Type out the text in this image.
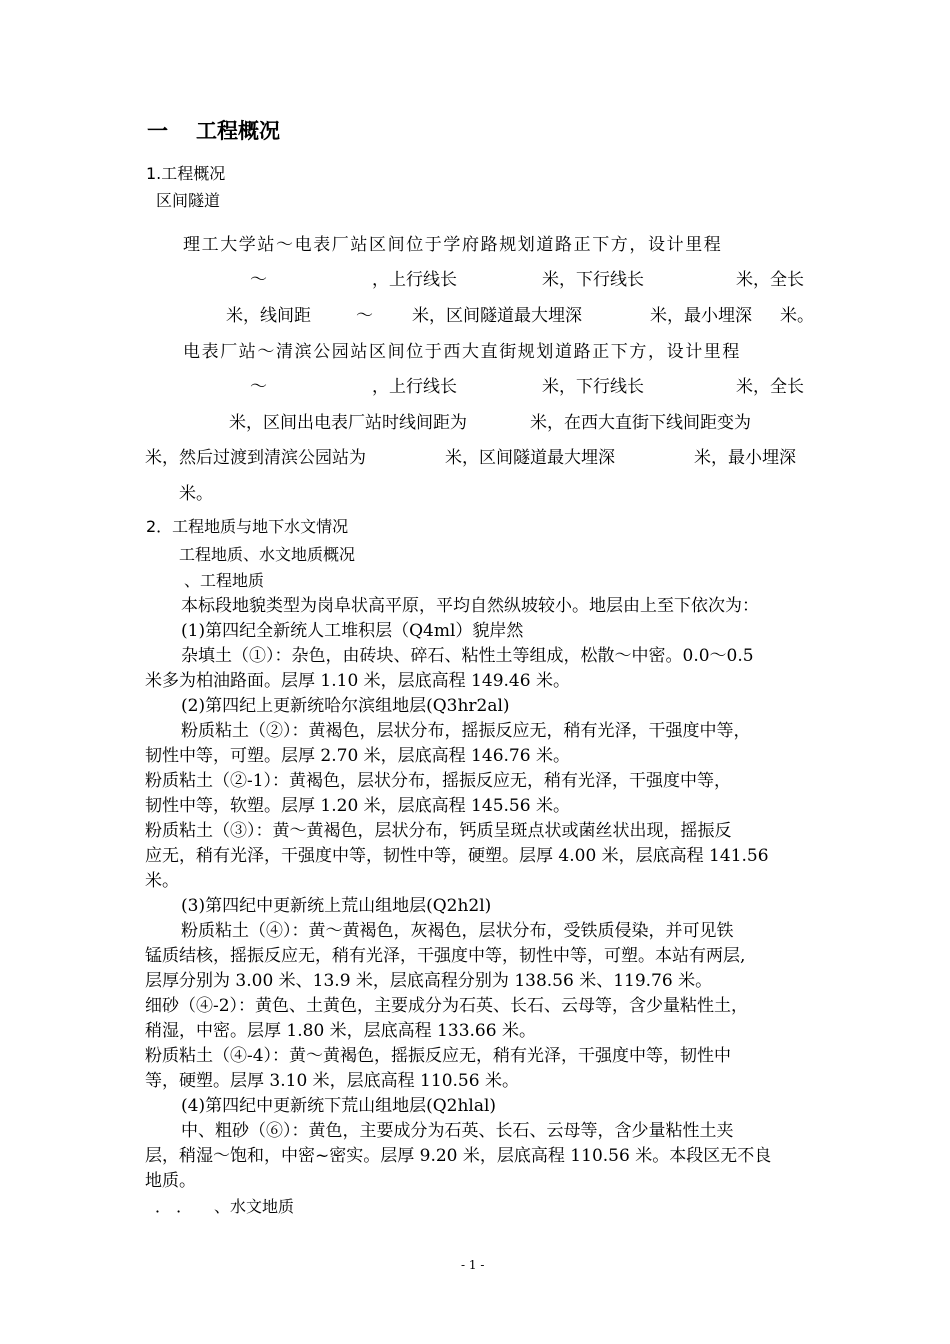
一 工程概况
1.工程概况
区间隧道
理工大学站～电表厂站区间位于学府路规划道路正下方，设计里程
～	，上行线长	米，下行线长	米，全长
米，线间距	～ 米，区间隧道最大埋深	米，最小埋深 米。
电表厂站～清滨公园站区间位于西大直街规划道路正下方，设计里程
～	，上行线长	米，下行线长	米，全长
米，区间出电表厂站时线间距为	米，在西大直街下线间距变为
米，然后过渡到清滨公园站为	米，区间隧道最大埋深	米，最小埋深
米。
2．工程地质与地下水文情况
工程地质、水文地质概况
、工程地质
本标段地貌类型为岗阜状高平原，平均自然纵坡较小。地层由上至下依次为：
(1)第四纪全新统人工堆积层（Q4ml）貌岸然
杂填土（①）：杂色，由砖块、碎石、粘性土等组成，松散～中密。0.0～0.5
米多为柏油路面。层厚 1.10 米，层底高程 149.46 米。
(2)第四纪上更新统哈尔滨组地层(Q3hr2al)
粉质粘土（②）：黄褐色，层状分布，摇振反应无，稍有光泽，干强度中等，
韧性中等，可塑。层厚 2.70 米，层底高程 146.76 米。
粉质粘土（②-1）：黄褐色，层状分布，摇振反应无，稍有光泽，干强度中等，
韧性中等，软塑。层厚 1.20 米，层底高程 145.56 米。
粉质粘土（③）：黄～黄褐色，层状分布，钙质呈斑点状或菌丝状出现，摇振反
应无，稍有光泽，干强度中等，韧性中等，硬塑。层厚 4.00 米，层底高程 141.56
米。
(3)第四纪中更新统上荒山组地层(Q2h2l)
粉质粘土（④）：黄～黄褐色，灰褐色，层状分布，受铁质侵染，并可见铁
锰质结核，摇振反应无，稍有光泽，干强度中等，韧性中等，可塑。本站有两层,
层厚分别为 3.00 米、13.9 米，层底高程分别为 138.56 米、119.76 米。
细砂（④-2）：黄色、土黄色，主要成分为石英、长石、云母等，含少量粘性土，
稍湿，中密。层厚 1.80 米，层底高程 133.66 米。
粉质粘土（④-4）：黄～黄褐色，摇振反应无，稍有光泽，干强度中等，韧性中
等，硬塑。层厚 3.10 米，层底高程 110.56 米。
(4)第四纪中更新统下荒山组地层(Q2hlal)
中、粗砂（⑥）：黄色，主要成分为石英、长石、云母等，含少量粘性土夹
层，稍湿～饱和，中密~密实。层厚 9.20 米，层底高程 110.56 米。本段区无不良
地质。
． ． 、水文地质
- 1 -
